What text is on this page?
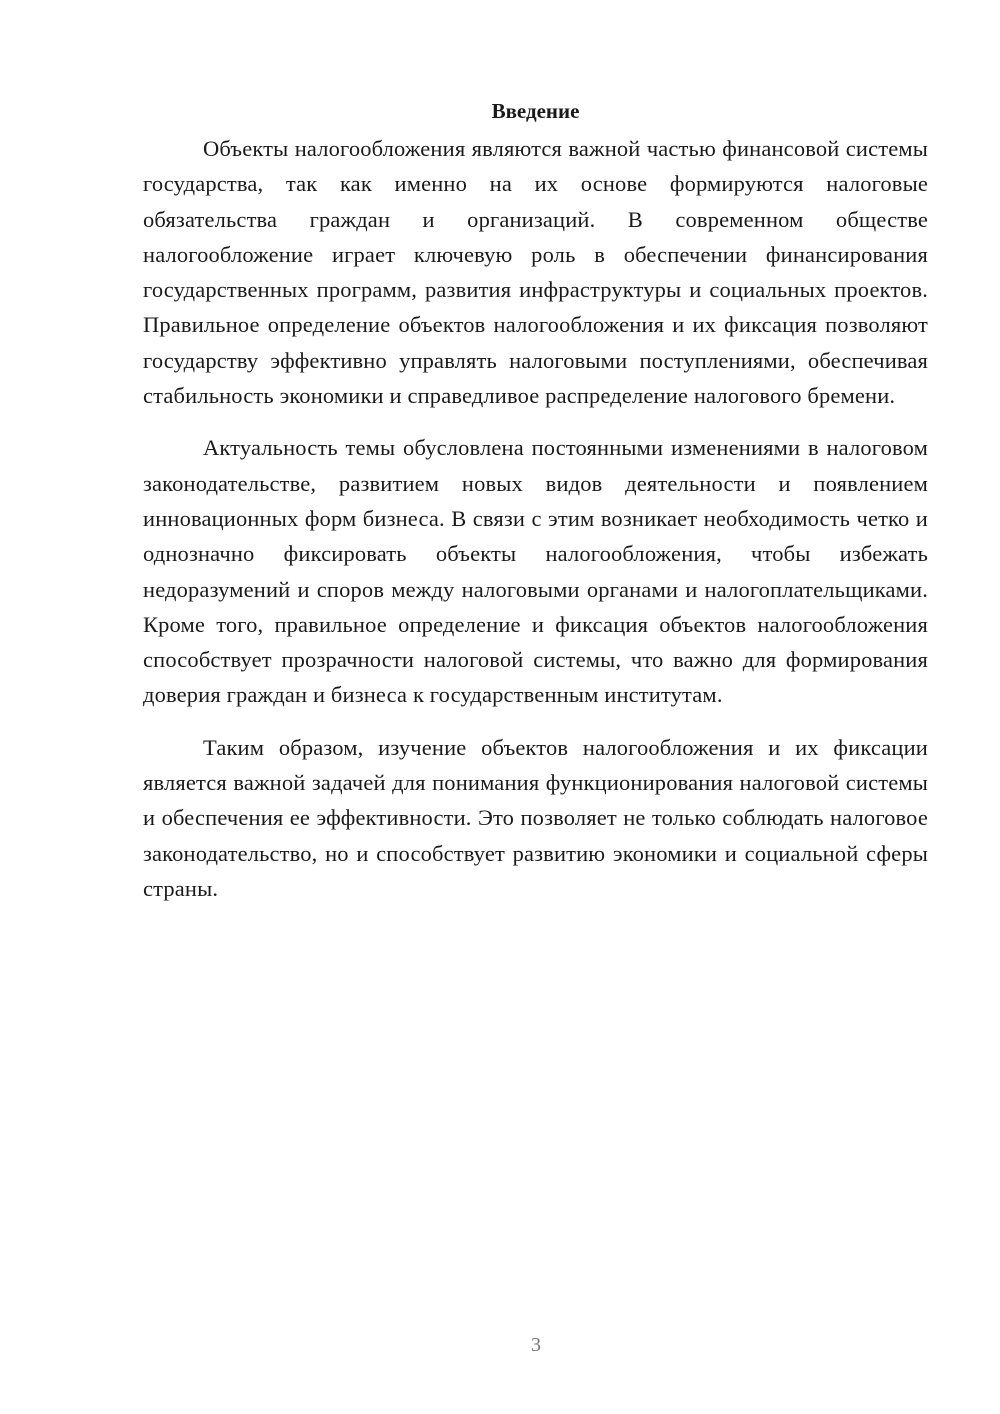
Введение

Объекты налогообложения являются важной частью финансовой системы государства, так как именно на их основе формируются налоговые обязательства граждан и организаций. В современном обществе налогообложение играет ключевую роль в обеспечении финансирования государственных программ, развития инфраструктуры и социальных проектов. Правильное определение объектов налогообложения и их фиксация позволяют государству эффективно управлять налоговыми поступлениями, обеспечивая стабильность экономики и справедливое распределение налогового бремени.

Актуальность темы обусловлена постоянными изменениями в налоговом законодательстве, развитием новых видов деятельности и появлением инновационных форм бизнеса. В связи с этим возникает необходимость четко и однозначно фиксировать объекты налогообложения, чтобы избежать недоразумений и споров между налоговыми органами и налогоплательщиками. Кроме того, правильное определение и фиксация объектов налогообложения способствует прозрачности налоговой системы, что важно для формирования доверия граждан и бизнеса к государственным институтам.

Таким образом, изучение объектов налогообложения и их фиксации является важной задачей для понимания функционирования налоговой системы и обеспечения ее эффективности. Это позволяет не только соблюдать налоговое законодательство, но и способствует развитию экономики и социальной сферы страны.

3
